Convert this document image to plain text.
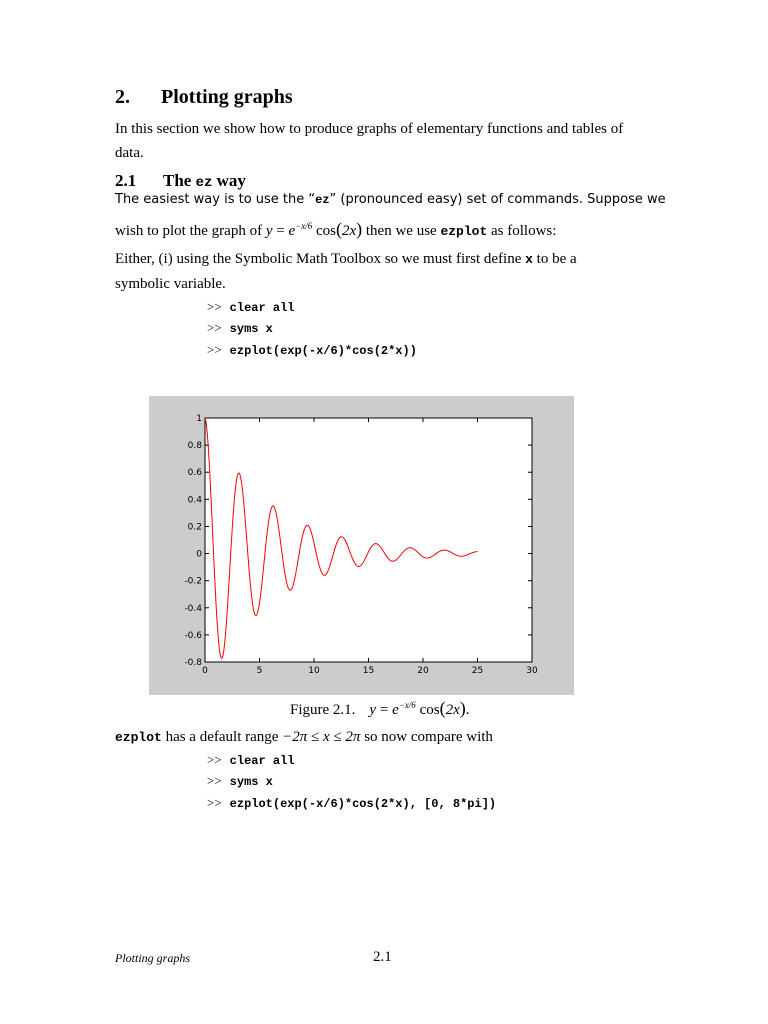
2. Plotting graphs
In this section we show how to produce graphs of elementary functions and tables of
data.
2.1 The ez way
The easiest way is to use the “ez” (pronounced easy) set of commands. Suppose we
wish to plot the graph of $y = e^{-x/6}$ cos(2x) then we use ezplot as follows:
Either, (i) using the Symbolic Math Toolbox so we must first define x to be a
symbolic variable.
>> clear all
>> syms x
>> ezplot(exp(-x/6)*cos(2*x))
0	5	10	15	20	25	30
1
0.8
0.6
0.4
0.2
0
-0.2
-0.4
-0.6
-0.8
Figure 2.1. $y = e^{-x/6}$ cos(2x).
ezplot has a default range −2π ≤ x ≤ 2π so now compare with
>> clear all
>> syms x
>> ezplot(exp(-x/6)*cos(2*x), [0, 8*pi])
Plotting graphs	2.1
